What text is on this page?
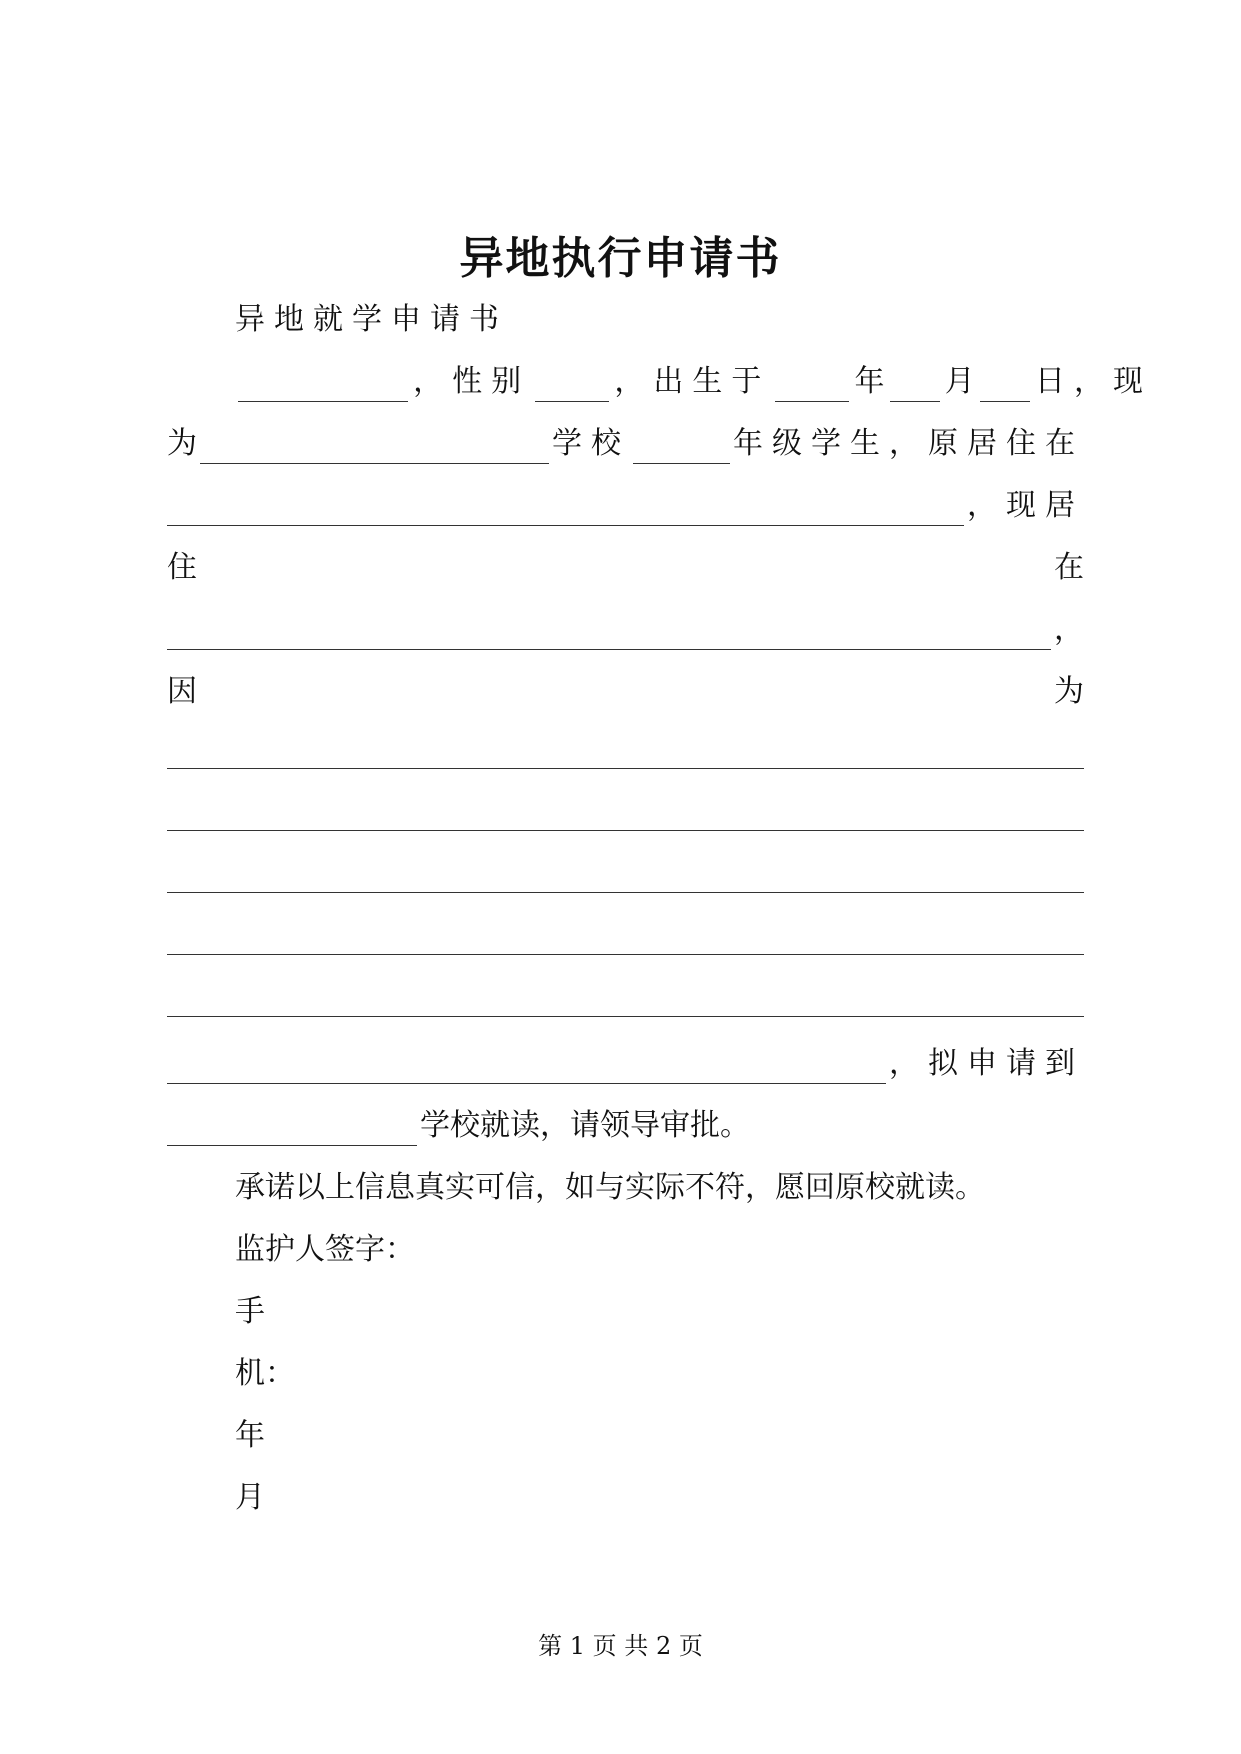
异地执行申请书
异地就学申请书
，性别	，出生于	年 月 日，现
为	学校	年级学生，原居住在
，现居
住	在
，
因	为
，拟申请到
学校就读，请领导审批。
承诺以上信息真实可信，如与实际不符，愿回原校就读。
监护人签字：
手
机：
年
月
第 1 页 共 2 页
